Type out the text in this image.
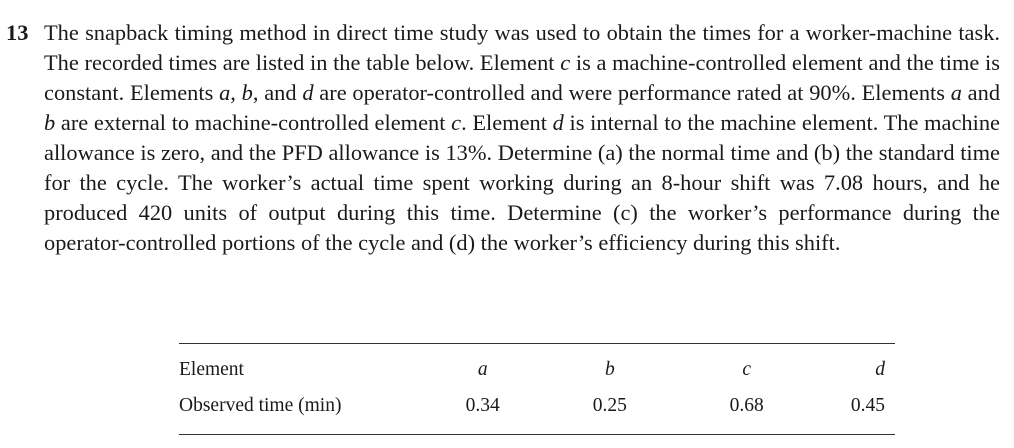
13 The snapback timing method in direct time study was used to obtain the times for a worker-machine task. The recorded times are listed in the table below. Element c is a machine-controlled element and the time is constant. Elements a, b, and d are operator-controlled and were performance rated at 90%. Elements a and b are external to machine-controlled element c. Element d is internal to the machine element. The machine allowance is zero, and the PFD allowance is 13%. Determine (a) the normal time and (b) the standard time for the cycle. The worker’s actual time spent working during an 8-hour shift was 7.08 hours, and he produced 420 units of output during this time. Determine (c) the worker’s performance during the operator-controlled portions of the cycle and (d) the worker’s efficiency during this shift.
Element	a	b	c	d
Observed time (min)	0.34	0.25	0.68	0.45
